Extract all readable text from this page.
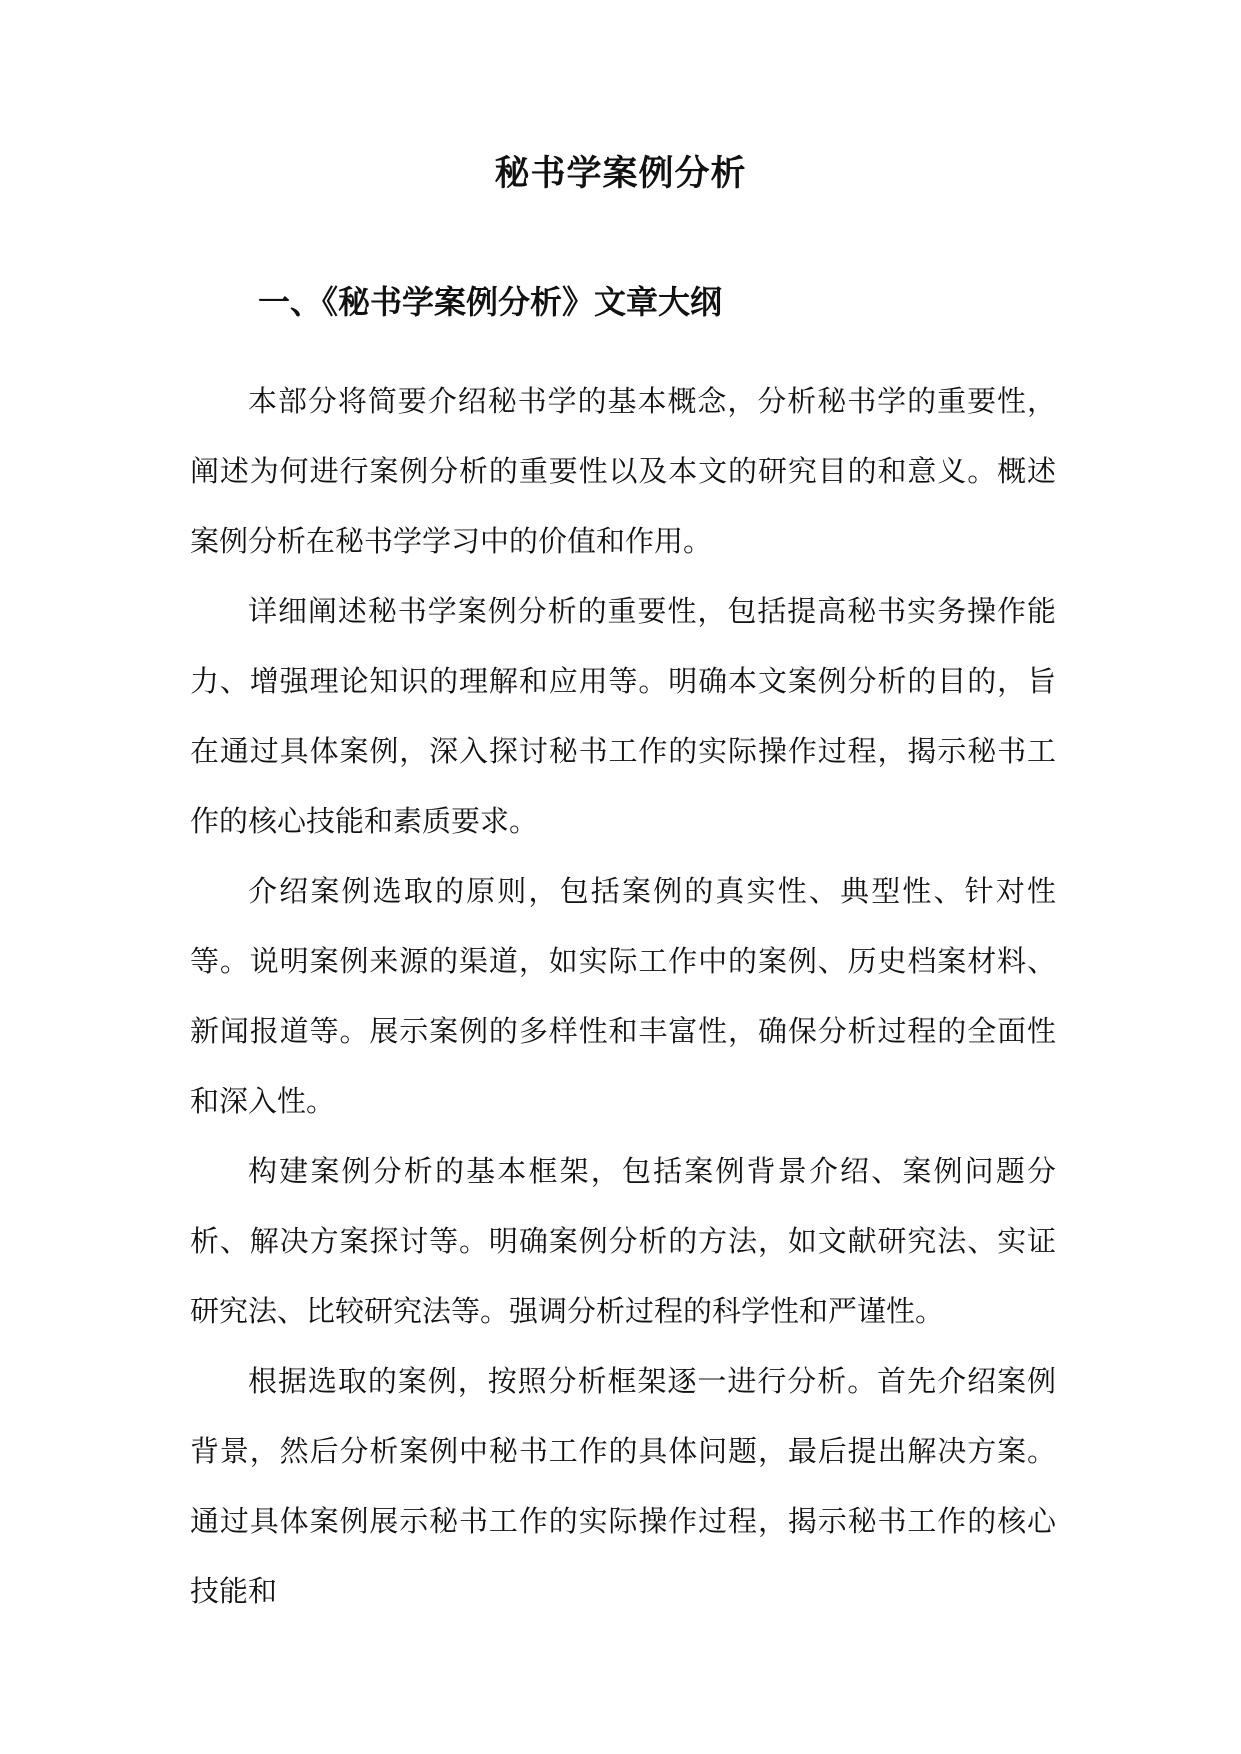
秘书学案例分析
一、《秘书学案例分析》文章大纲

本部分将简要介绍秘书学的基本概念，分析秘书学的重要性，阐述为何进行案例分析的重要性以及本文的研究目的和意义。概述案例分析在秘书学学习中的价值和作用。

详细阐述秘书学案例分析的重要性，包括提高秘书实务操作能力、增强理论知识的理解和应用等。明确本文案例分析的目的，旨在通过具体案例，深入探讨秘书工作的实际操作过程，揭示秘书工作的核心技能和素质要求。

介绍案例选取的原则，包括案例的真实性、典型性、针对性等。说明案例来源的渠道，如实际工作中的案例、历史档案材料、新闻报道等。展示案例的多样性和丰富性，确保分析过程的全面性和深入性。

构建案例分析的基本框架，包括案例背景介绍、案例问题分析、解决方案探讨等。明确案例分析的方法，如文献研究法、实证研究法、比较研究法等。强调分析过程的科学性和严谨性。

根据选取的案例，按照分析框架逐一进行分析。首先介绍案例背景，然后分析案例中秘书工作的具体问题，最后提出解决方案。通过具体案例展示秘书工作的实际操作过程，揭示秘书工作的核心技能和
